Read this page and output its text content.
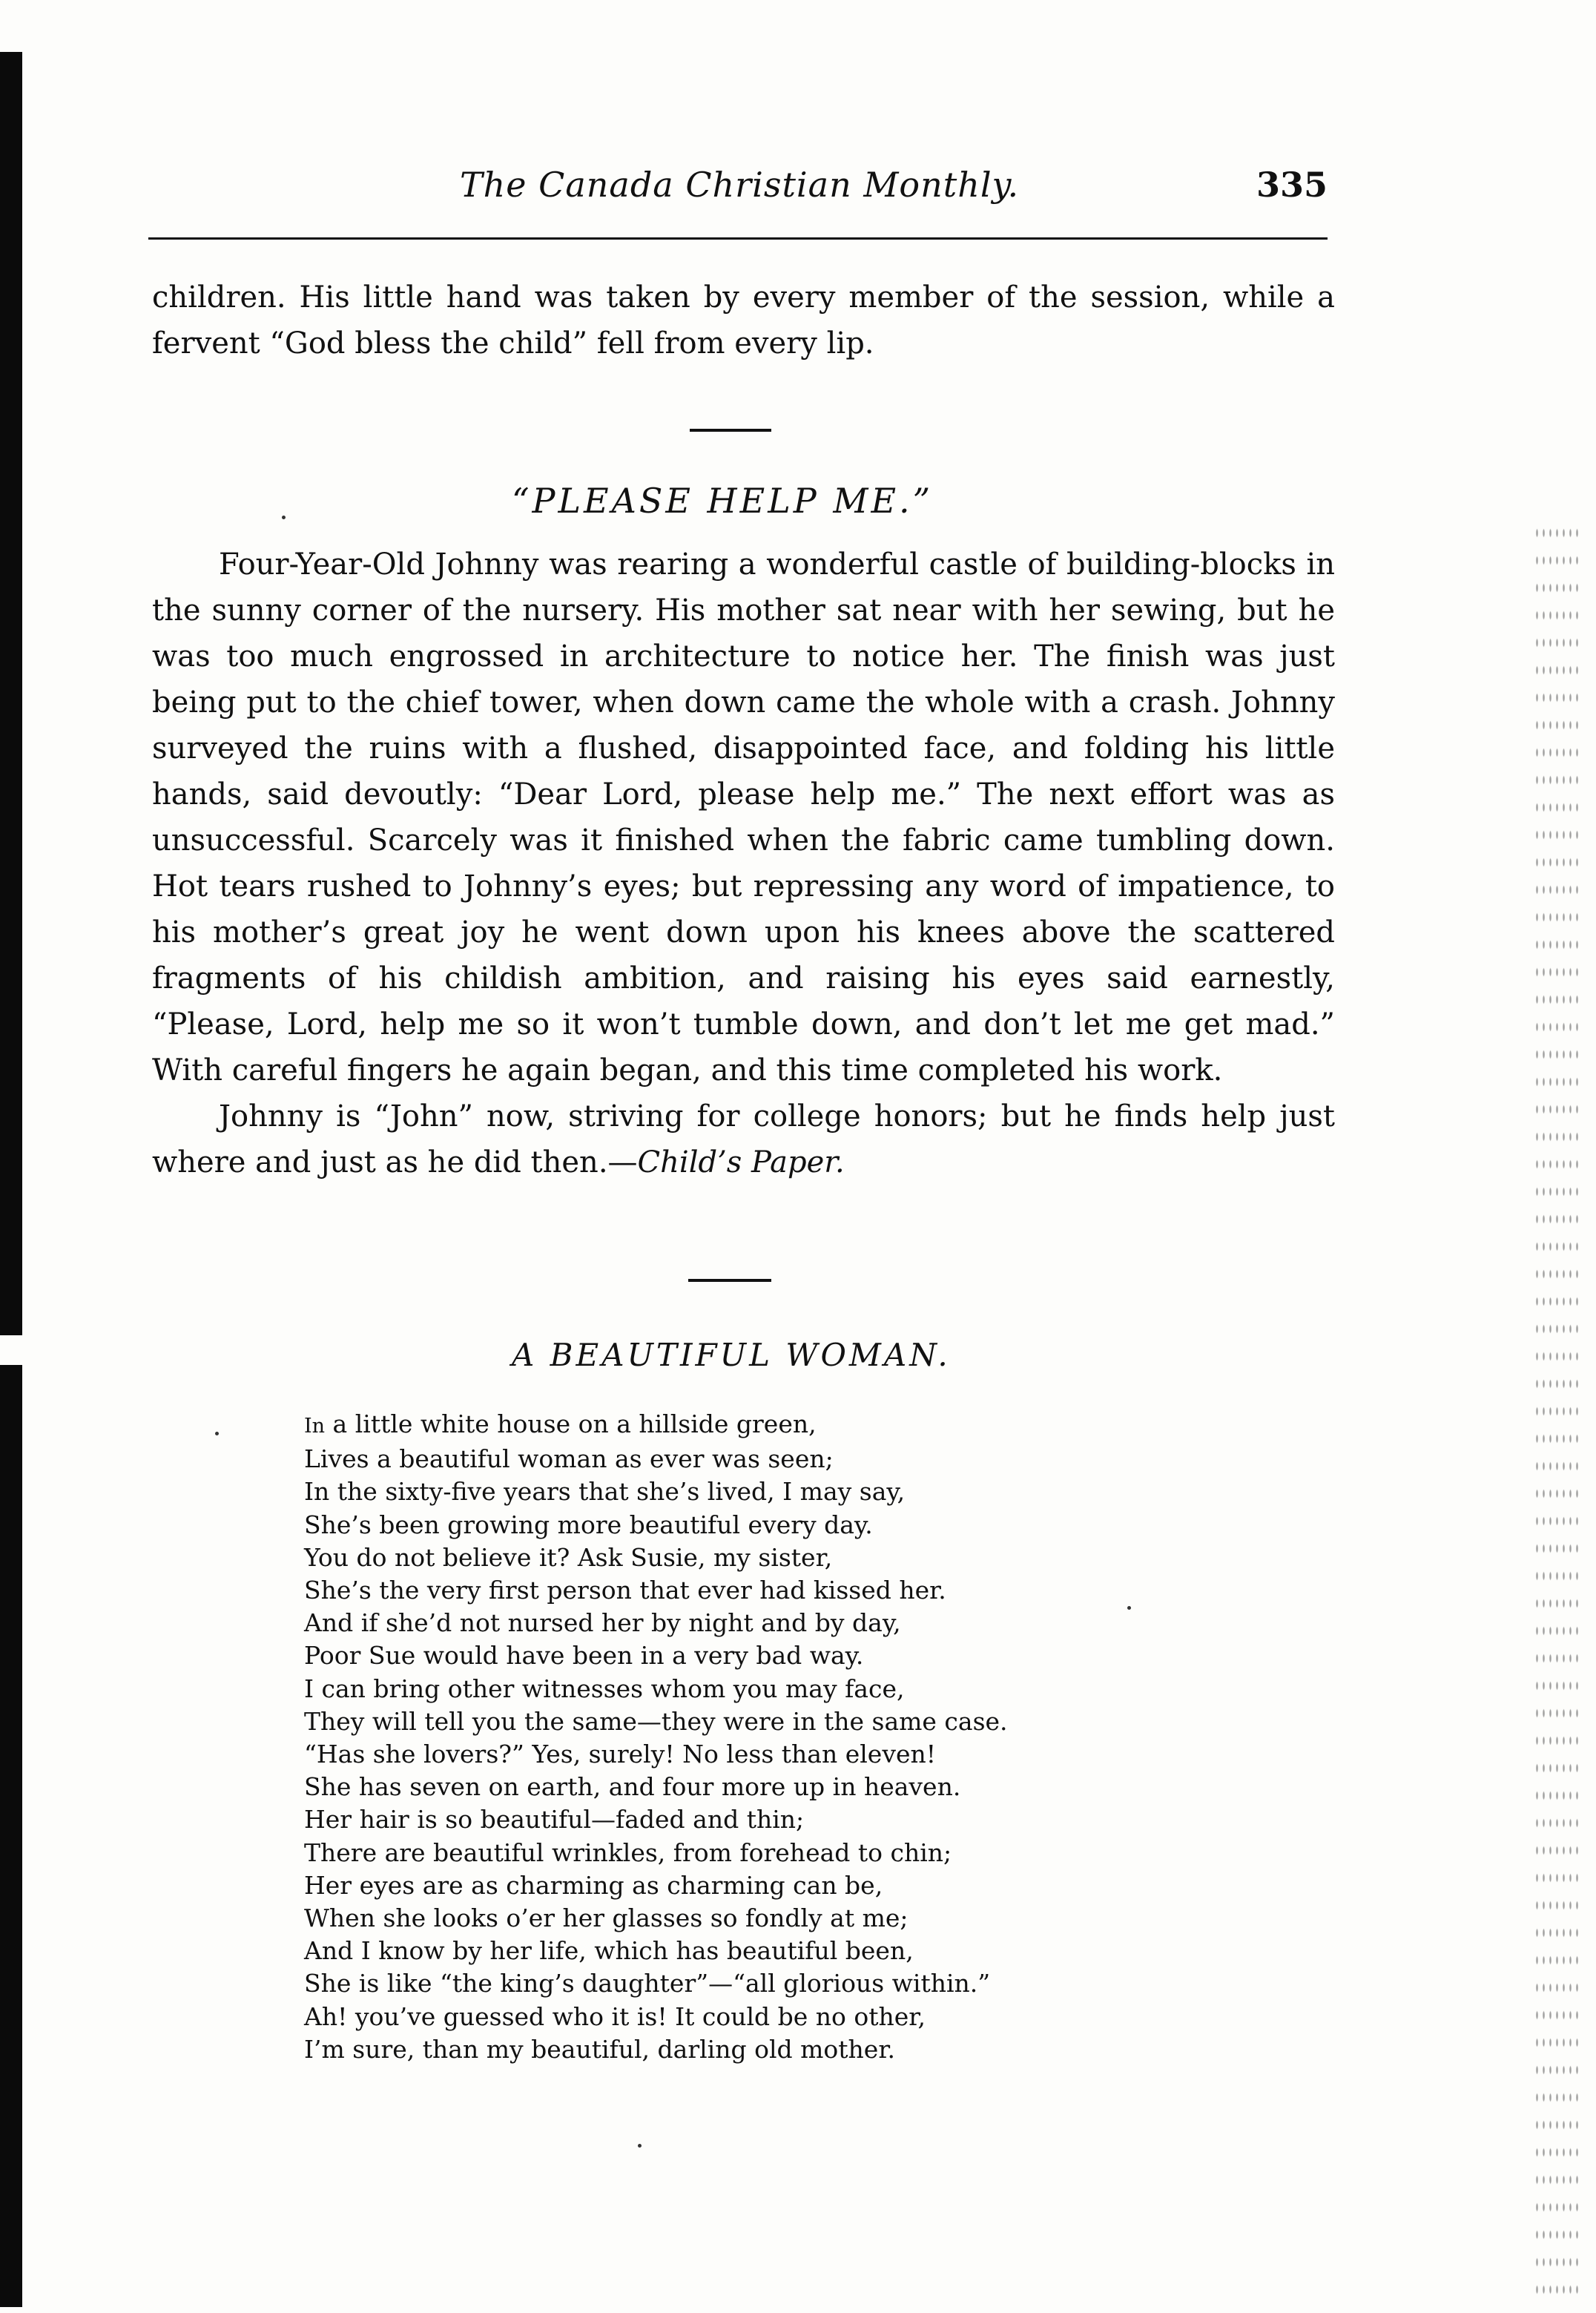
The Canada Christian Monthly.	335

children. His little hand was taken by every member of the session, while a fervent “God bless the child” fell from every lip.

“PLEASE HELP ME.”

Four-Year-Old Johnny was rearing a wonderful castle of building-blocks in the sunny corner of the nursery. His mother sat near with her sewing, but he was too much engrossed in architecture to notice her. The finish was just being put to the chief tower, when down came the whole with a crash. Johnny surveyed the ruins with a flushed, disappointed face, and folding his little hands, said devoutly: “Dear Lord, please help me.” The next effort was as unsuccessful. Scarcely was it finished when the fabric came tumbling down. Hot tears rushed to Johnny’s eyes; but repressing any word of impatience, to his mother’s great joy he went down upon his knees above the scattered fragments of his childish ambition, and raising his eyes said earnestly, “Please, Lord, help me so it won’t tumble down, and don’t let me get mad.” With careful fingers he again began, and this time completed his work.

Johnny is “John” now, striving for college honors; but he finds help just where and just as he did then.—Child’s Paper.

A BEAUTIFUL WOMAN.
In a little white house on a hillside green,
Lives a beautiful woman as ever was seen;
In the sixty-five years that she’s lived, I may say,
She’s been growing more beautiful every day.
You do not believe it? Ask Susie, my sister,
She’s the very first person that ever had kissed her.
And if she’d not nursed her by night and by day,
Poor Sue would have been in a very bad way.
I can bring other witnesses whom you may face,
They will tell you the same—they were in the same case.
“Has she lovers?” Yes, surely! No less than eleven!
She has seven on earth, and four more up in heaven.
Her hair is so beautiful—faded and thin;
There are beautiful wrinkles, from forehead to chin;
Her eyes are as charming as charming can be,
When she looks o’er her glasses so fondly at me;
And I know by her life, which has beautiful been,
She is like “the king’s daughter”—“all glorious within.”
Ah! you’ve guessed who it is! It could be no other,
I’m sure, than my beautiful, darling old mother.
